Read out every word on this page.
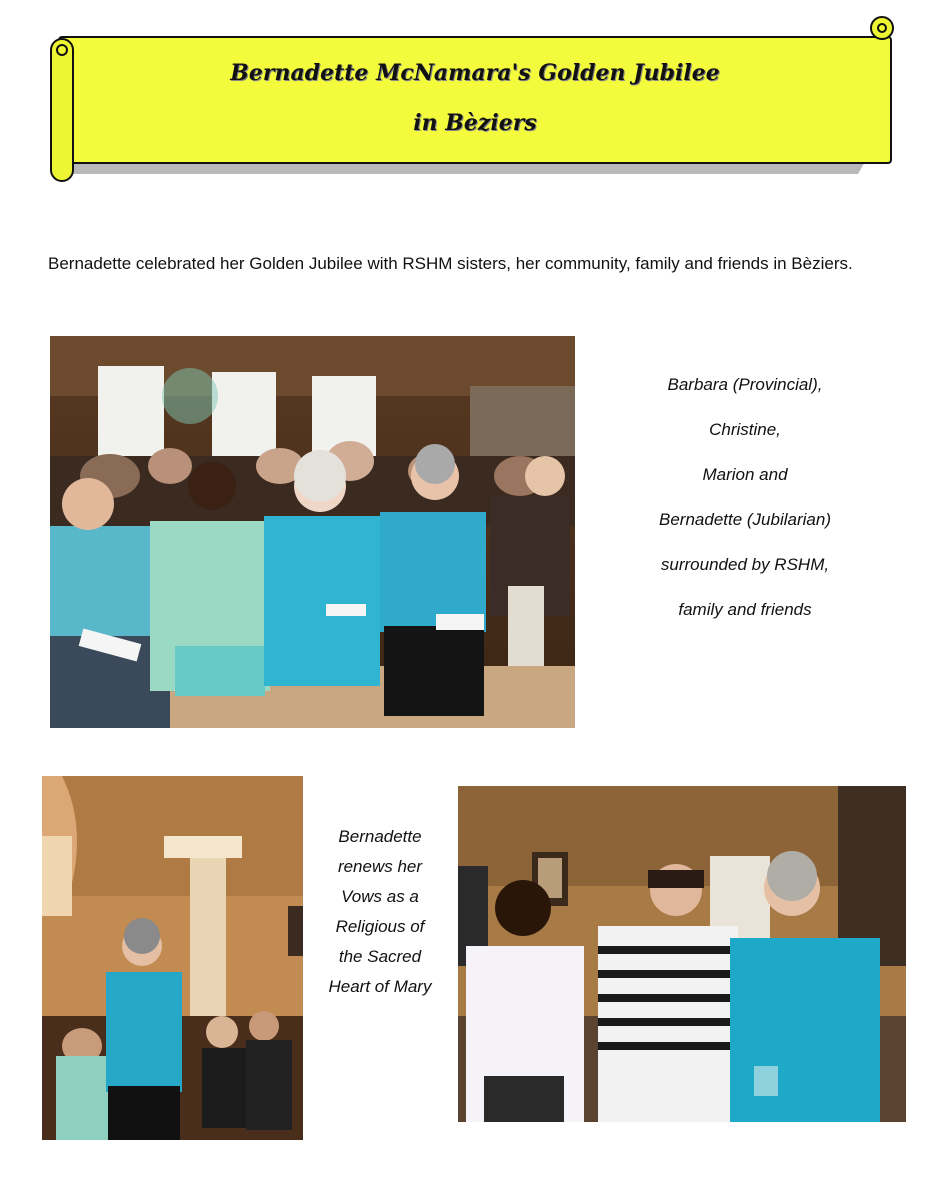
Bernadette McNamara's Golden Jubilee
in Bèziers
Bernadette celebrated her Golden Jubilee with RSHM sisters, her community, family and friends in Bèziers.
Barbara (Provincial),
Christine,
Marion and
Bernadette (Jubilarian)
surrounded by RSHM,
family and friends
Bernadette
renews her
Vows as a
Religious of
the Sacred
Heart of Mary
